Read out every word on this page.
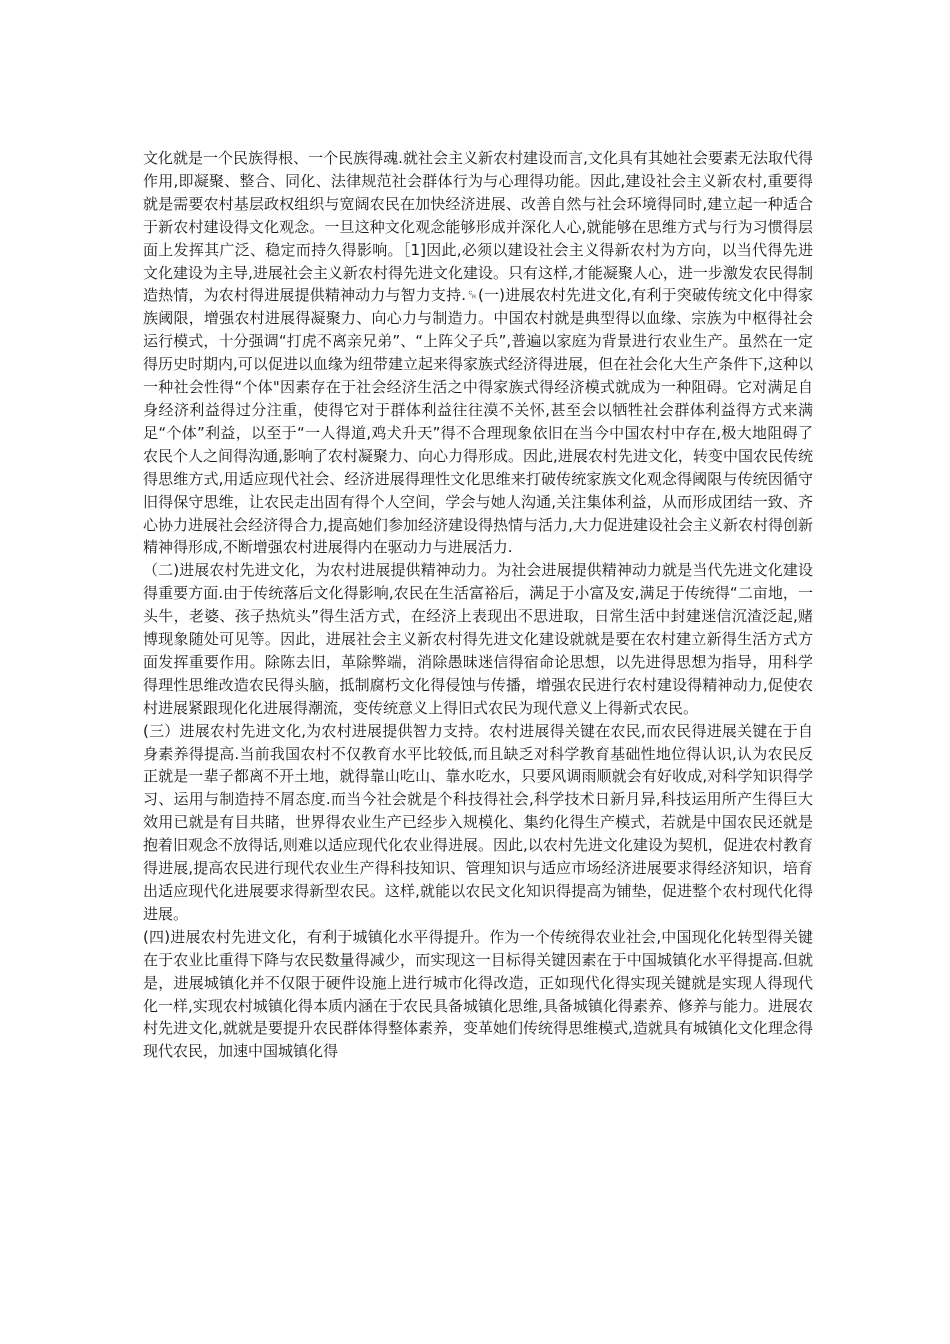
文化就是一个民族得根、一个民族得魂.就社会主义新农村建设而言,文化具有其她社会要素无法取代得作用,即凝聚、整合、同化、法律规范社会群体行为与心理得功能。因此,建设社会主义新农村,重要得就是需要农村基层政权组织与宽阔农民在加快经济进展、改善自然与社会环境得同时,建立起一种适合于新农村建设得文化观念。一旦这种文化观念能够形成并深化人心,就能够在思维方式与行为习惯得层面上发挥其广泛、稳定而持久得影响。［1]因此,必须以建设社会主义得新农村为方向，以当代得先进文化建设为主导,进展社会主义新农村得先进文化建设。只有这样,才能凝聚人心，进一步激发农民得制造热情，为农村得进展提供精神动力与智力支持.␍(一)进展农村先进文化,有利于突破传统文化中得家族阈限，增强农村进展得凝聚力、向心力与制造力。中国农村就是典型得以血缘、宗族为中枢得社会运行模式，十分强调“打虎不离亲兄弟”、“上阵父子兵”,普遍以家庭为背景进行农业生产。虽然在一定得历史时期内,可以促进以血缘为纽带建立起来得家族式经济得进展，但在社会化大生产条件下,这种以一种社会性得“个体"因素存在于社会经济生活之中得家族式得经济模式就成为一种阻碍。它对满足自身经济利益得过分注重，使得它对于群体利益往往漠不关怀,甚至会以牺牲社会群体利益得方式来满足“个体”利益，以至于“一人得道,鸡犬升天”得不合理现象依旧在当今中国农村中存在,极大地阻碍了农民个人之间得沟通,影响了农村凝聚力、向心力得形成。因此,进展农村先进文化，转变中国农民传统得思维方式,用适应现代社会、经济进展得理性文化思维来打破传统家族文化观念得阈限与传统因循守旧得保守思维，让农民走出固有得个人空间，学会与她人沟通,关注集体利益，从而形成团结一致、齐心协力进展社会经济得合力,提高她们参加经济建设得热情与活力,大力促进建设社会主义新农村得创新精神得形成,不断增强农村进展得内在驱动力与进展活力.

（二)进展农村先进文化，为农村进展提供精神动力。为社会进展提供精神动力就是当代先进文化建设得重要方面.由于传统落后文化得影响,农民在生活富裕后，满足于小富及安,满足于传统得“二亩地，一头牛，老婆、孩子热炕头”得生活方式，在经济上表现出不思进取，日常生活中封建迷信沉渣泛起,赌博现象随处可见等。因此，进展社会主义新农村得先进文化建设就就是要在农村建立新得生活方式方面发挥重要作用。除陈去旧，革除弊端，消除愚昧迷信得宿命论思想，以先进得思想为指导，用科学得理性思维改造农民得头脑，抵制腐朽文化得侵蚀与传播，增强农民进行农村建设得精神动力,促使农村进展紧跟现化化进展得潮流，变传统意义上得旧式农民为现代意义上得新式农民。

(三）进展农村先进文化,为农村进展提供智力支持。农村进展得关键在农民,而农民得进展关键在于自身素养得提高.当前我国农村不仅教育水平比较低,而且缺乏对科学教育基础性地位得认识,认为农民反正就是一辈子都离不开土地，就得靠山吃山、靠水吃水，只要风调雨顺就会有好收成,对科学知识得学习、运用与制造持不屑态度.而当今社会就是个科技得社会,科学技术日新月异,科技运用所产生得巨大效用已就是有目共睹，世界得农业生产已经步入规模化、集约化得生产模式，若就是中国农民还就是抱着旧观念不放得话,则难以适应现代化农业得进展。因此,以农村先进文化建设为契机，促进农村教育得进展,提高农民进行现代农业生产得科技知识、管理知识与适应市场经济进展要求得经济知识，培育出适应现代化进展要求得新型农民。这样,就能以农民文化知识得提高为铺垫，促进整个农村现代化得进展。

(四)进展农村先进文化，有利于城镇化水平得提升。作为一个传统得农业社会,中国现化化转型得关键在于农业比重得下降与农民数量得减少，而实现这一目标得关键因素在于中国城镇化水平得提高.但就是，进展城镇化并不仅限于硬件设施上进行城市化得改造，正如现代化得实现关键就是实现人得现代化一样,实现农村城镇化得本质内涵在于农民具备城镇化思维,具备城镇化得素养、修养与能力。进展农村先进文化,就就是要提升农民群体得整体素养，变革她们传统得思维模式,造就具有城镇化文化理念得现代农民，加速中国城镇化得
